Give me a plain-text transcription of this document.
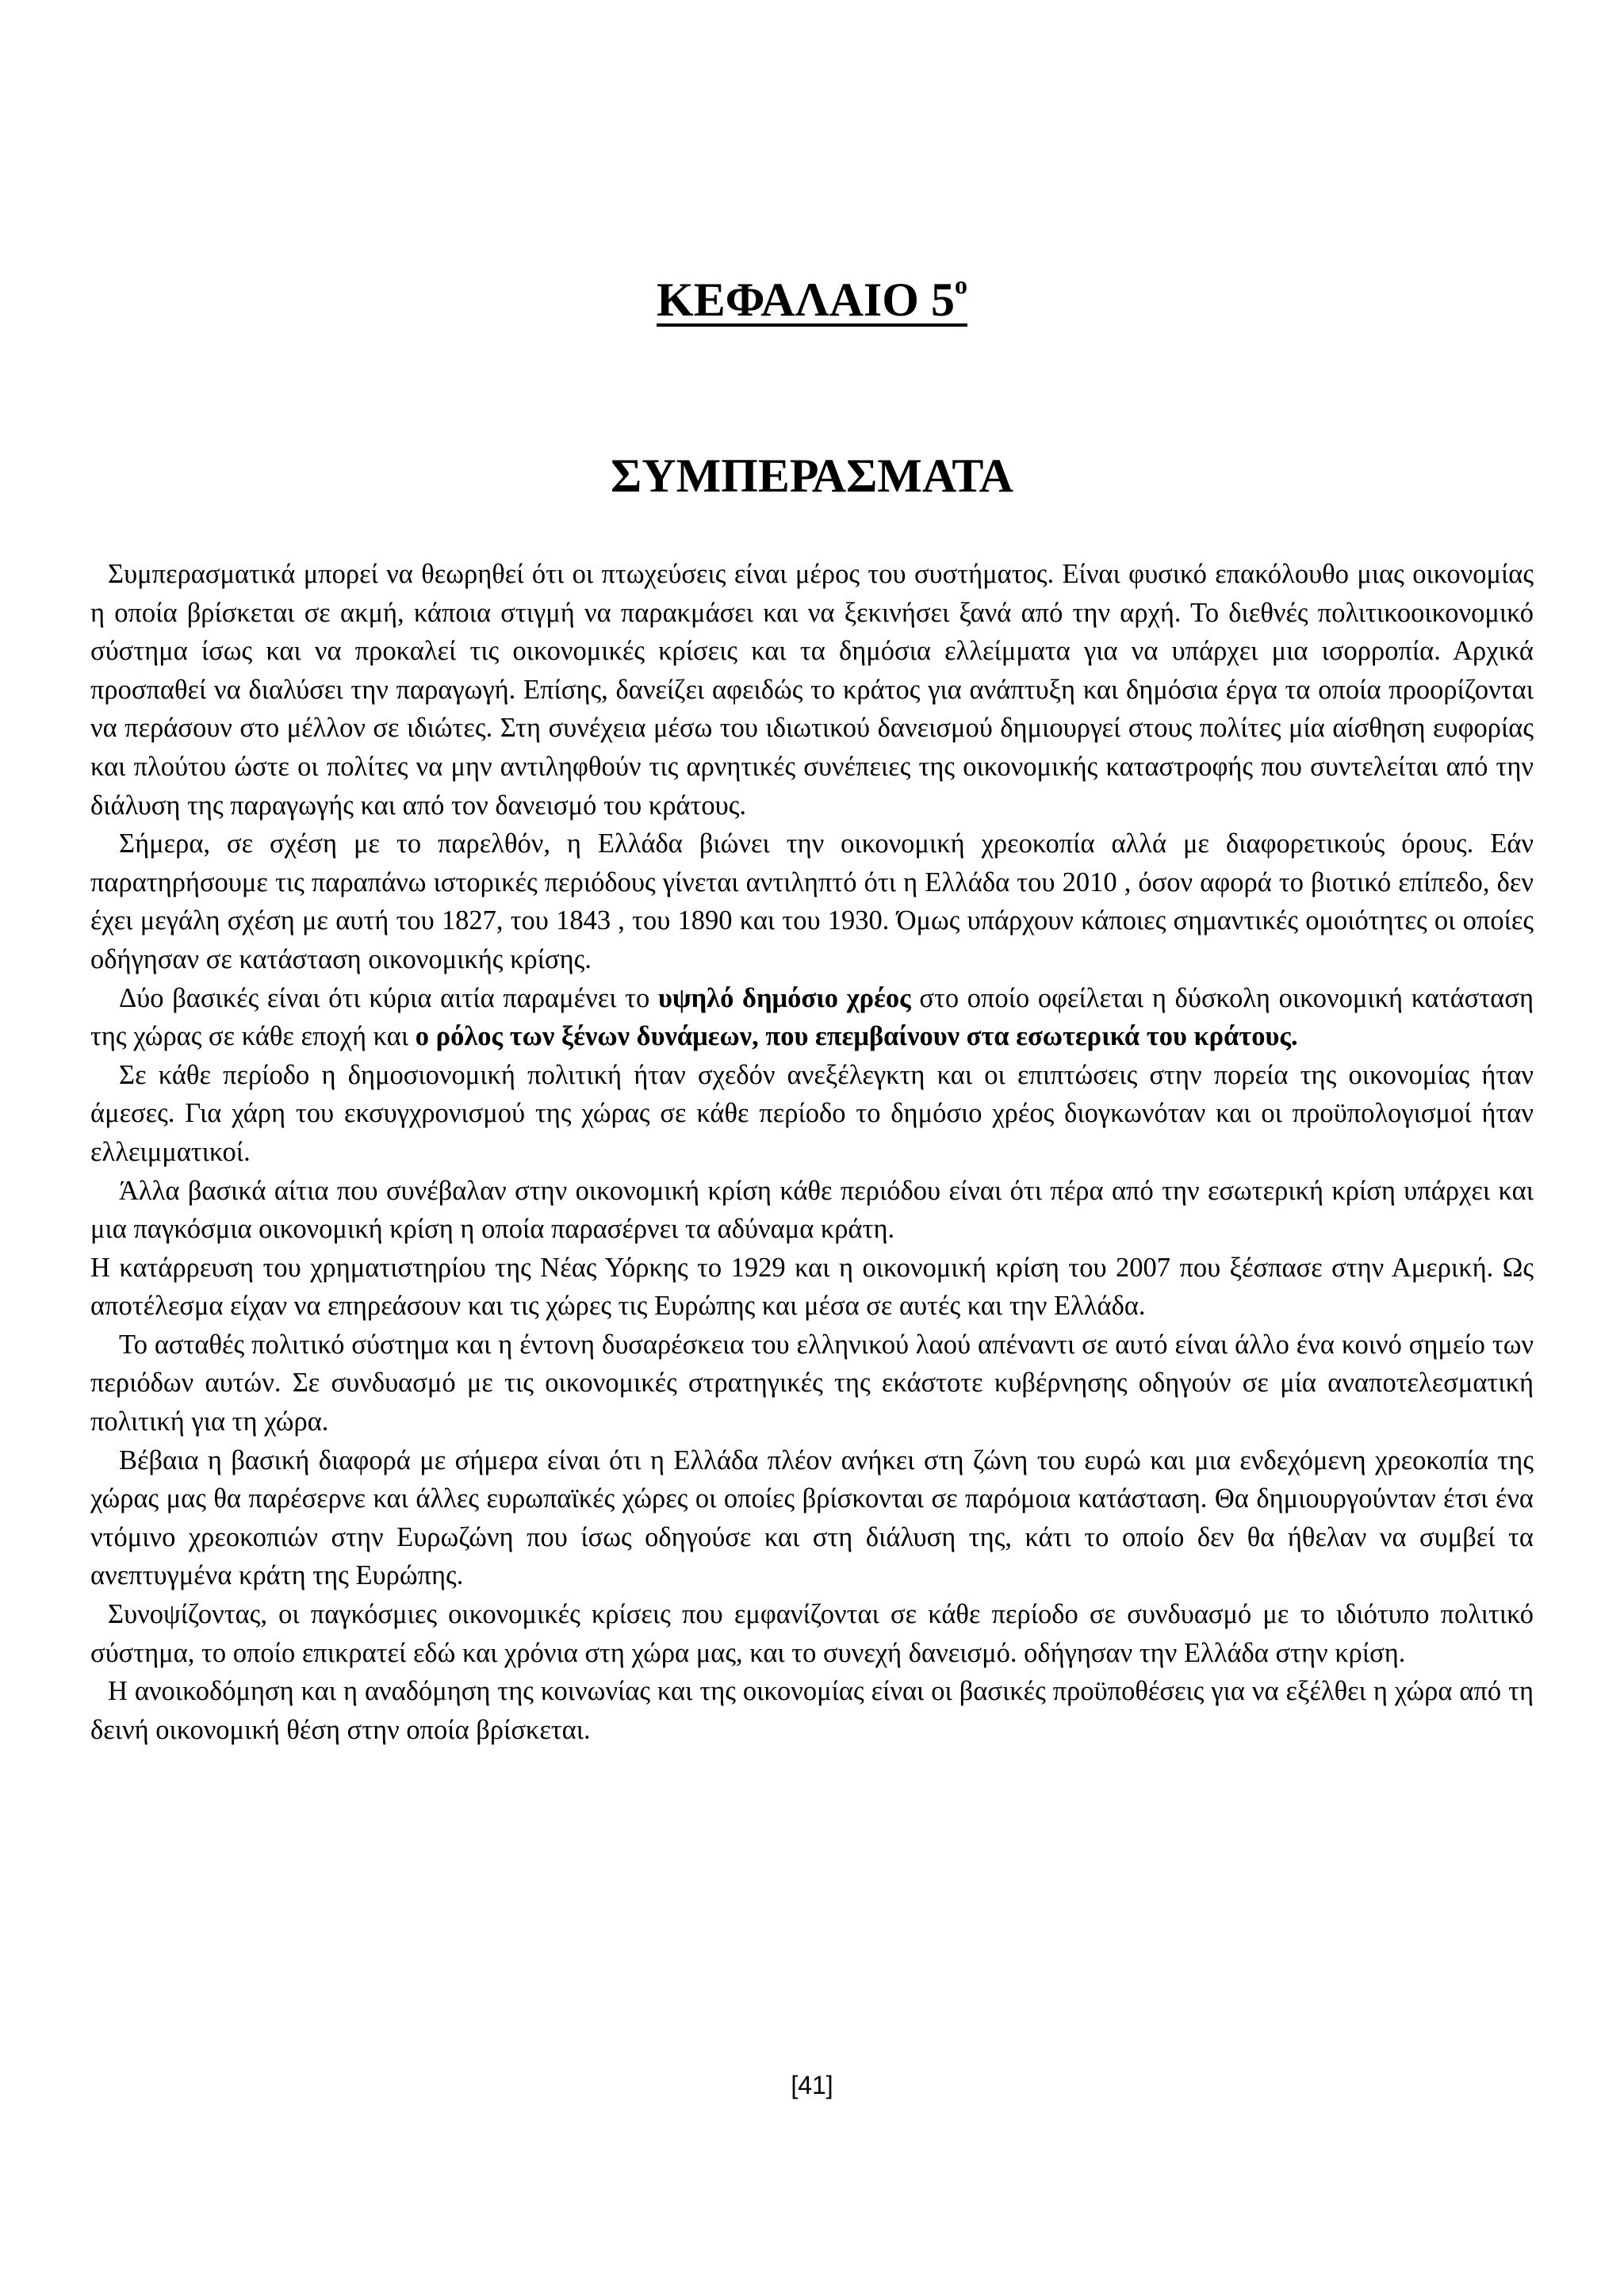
ΚΕΦΑΛΑΙΟ $5^o$
ΣΥΜΠΕΡΑΣΜΑΤΑ

Συμπερασματικά μπορεί να θεωρηθεί ότι οι πτωχεύσεις είναι μέρος του συστήματος. Είναι φυσικό επακόλουθο μιας οικονομίας η οποία βρίσκεται σε ακμή, κάποια στιγμή να παρακμάσει και να ξεκινήσει ξανά από την αρχή. Το διεθνές πολιτικοοικονομικό σύστημα ίσως και να προκαλεί τις οικονομικές κρίσεις και τα δημόσια ελλείμματα για να υπάρχει μια ισορροπία. Αρχικά προσπαθεί να διαλύσει την παραγωγή. Επίσης, δανείζει αφειδώς το κράτος για ανάπτυξη και δημόσια έργα τα οποία προορίζονται να περάσουν στο μέλλον σε ιδιώτες. Στη συνέχεια μέσω του ιδιωτικού δανεισμού δημιουργεί στους πολίτες μία αίσθηση ευφορίας και πλούτου ώστε οι πολίτες να μην αντιληφθούν τις αρνητικές συνέπειες της οικονομικής καταστροφής που συντελείται από την διάλυση της παραγωγής και από τον δανεισμό του κράτους.

Σήμερα, σε σχέση με το παρελθόν, η Ελλάδα βιώνει την οικονομική χρεοκοπία αλλά με διαφορετικούς όρους. Εάν παρατηρήσουμε τις παραπάνω ιστορικές περιόδους γίνεται αντιληπτό ότι η Ελλάδα του 2010 , όσον αφορά το βιοτικό επίπεδο, δεν έχει μεγάλη σχέση με αυτή του 1827, του 1843 , του 1890 και του 1930. Όμως υπάρχουν κάποιες σημαντικές ομοιότητες οι οποίες οδήγησαν σε κατάσταση οικονομικής κρίσης.

Δύο βασικές είναι ότι κύρια αιτία παραμένει το υψηλό δημόσιο χρέος στο οποίο οφείλεται η δύσκολη οικονομική κατάσταση της χώρας σε κάθε εποχή και ο ρόλος των ξένων δυνάμεων, που επεμβαίνουν στα εσωτερικά του κράτους.

Σε κάθε περίοδο η δημοσιονομική πολιτική ήταν σχεδόν ανεξέλεγκτη και οι επιπτώσεις στην πορεία της οικονομίας ήταν άμεσες. Για χάρη του εκσυγχρονισμού της χώρας σε κάθε περίοδο το δημόσιο χρέος διογκωνόταν και οι προϋπολογισμοί ήταν ελλειμματικοί.

Άλλα βασικά αίτια που συνέβαλαν στην οικονομική κρίση κάθε περιόδου είναι ότι πέρα από την εσωτερική κρίση υπάρχει και μια παγκόσμια οικονομική κρίση η οποία παρασέρνει τα αδύναμα κράτη.

Η κατάρρευση του χρηματιστηρίου της Νέας Υόρκης το 1929 και η οικονομική κρίση του 2007 που ξέσπασε στην Αμερική. Ως αποτέλεσμα είχαν να επηρεάσουν και τις χώρες τις Ευρώπης και μέσα σε αυτές και την Ελλάδα.

Το ασταθές πολιτικό σύστημα και η έντονη δυσαρέσκεια του ελληνικού λαού απέναντι σε αυτό είναι άλλο ένα κοινό σημείο των περιόδων αυτών. Σε συνδυασμό με τις οικονομικές στρατηγικές της εκάστοτε κυβέρνησης οδηγούν σε μία αναποτελεσματική πολιτική για τη χώρα.

Βέβαια η βασική διαφορά με σήμερα είναι ότι η Ελλάδα πλέον ανήκει στη ζώνη του ευρώ και μια ενδεχόμενη χρεοκοπία της χώρας μας θα παρέσερνε και άλλες ευρωπαϊκές χώρες οι οποίες βρίσκονται σε παρόμοια κατάσταση. Θα δημιουργούνταν έτσι ένα ντόμινο χρεοκοπιών στην Ευρωζώνη που ίσως οδηγούσε και στη διάλυση της, κάτι το οποίο δεν θα ήθελαν να συμβεί τα ανεπτυγμένα κράτη της Ευρώπης.

Συνοψίζοντας, οι παγκόσμιες οικονομικές κρίσεις που εμφανίζονται σε κάθε περίοδο σε συνδυασμό με το ιδιότυπο πολιτικό σύστημα, το οποίο επικρατεί εδώ και χρόνια στη χώρα μας, και το συνεχή δανεισμό. οδήγησαν την Ελλάδα στην κρίση.

Η ανοικοδόμηση και η αναδόμηση της κοινωνίας και της οικονομίας είναι οι βασικές προϋποθέσεις για να εξέλθει η χώρα από τη δεινή οικονομική θέση στην οποία βρίσκεται.

[41]
